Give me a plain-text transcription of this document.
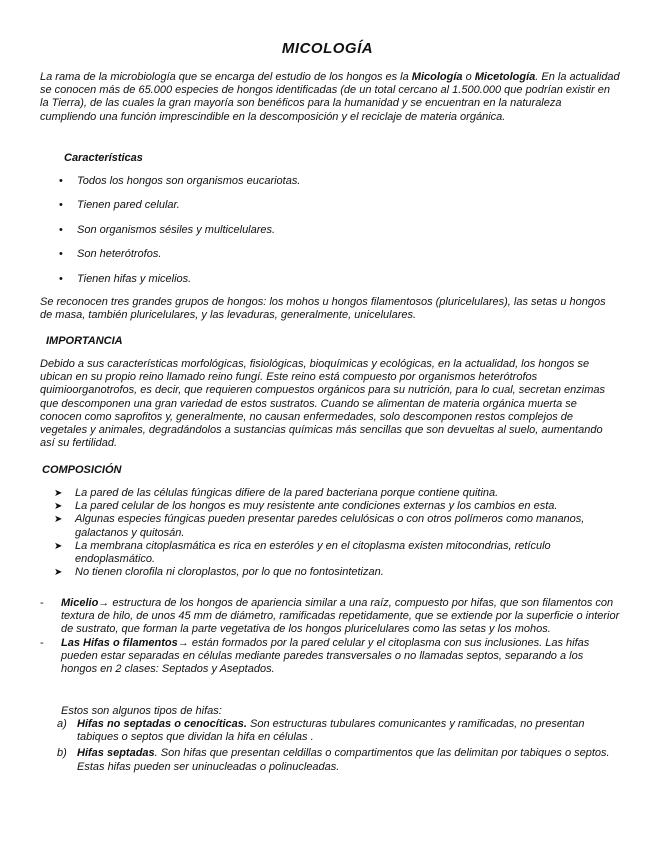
MICOLOGÍA

La rama de la microbiología que se encarga del estudio de los hongos es la Micología o Micetología. En la actualidad se conocen más de 65.000 especies de hongos identificadas (de un total cercano al 1.500.000 que podrían existir en la Tierra), de las cuales la gran mayoría son benéficos para la humanidad y se encuentran en la naturaleza cumpliendo una función imprescindible en la descomposición y el reciclaje de materia orgánica.

Características
• Todos los hongos son organismos eucariotas.
• Tienen pared celular.
• Son organismos sésiles y multicelulares.
• Son heterótrofos.
• Tienen hifas y micelios.

Se reconocen tres grandes grupos de hongos: los mohos u hongos filamentosos (pluricelulares), las setas u hongos de masa, también pluricelulares, y las levaduras, generalmente, unicelulares.

IMPORTANCIA

Debido a sus características morfológicas, fisiológicas, bioquímicas y ecológicas, en la actualidad, los hongos se ubican en su propio reino llamado reino fungí. Este reino está compuesto por organismos heterótrofos quimioorganotrofos, es decir, que requieren compuestos orgánicos para su nutrición, para lo cual, secretan enzimas que descomponen una gran variedad de estos sustratos. Cuando se alimentan de materia orgánica muerta se conocen como saprofitos y, generalmente, no causan enfermedades, solo descomponen restos complejos de vegetales y animales, degradándolos a sustancias químicas más sencillas que son devueltas al suelo, aumentando así su fertilidad.

COMPOSICIÓN
➤ La pared de las células fúngicas difiere de la pared bacteriana porque contiene quitina.
➤ La pared celular de los hongos es muy resistente ante condiciones externas y los cambios en esta.
➤ Algunas especies fúngicas pueden presentar paredes celulósicas o con otros polímeros como mananos, galactanos y quitosán.
➤ La membrana citoplasmática es rica en esteróles y en el citoplasma existen mitocondrias, retículo endoplasmático.
➤ No tienen clorofila ni cloroplastos, por lo que no fontosintetizan.
- Micelio→ estructura de los hongos de apariencia similar a una raíz, compuesto por hifas, que son filamentos con textura de hilo, de unos 45 mm de diámetro, ramificadas repetidamente, que se extiende por la superficie o interior de sustrato, que forman la parte vegetativa de los hongos pluricelulares como las setas y los mohos.
- Las Hifas o filamentos→ están formados por la pared celular y el citoplasma con sus inclusiones. Las hifas pueden estar separadas en células mediante paredes transversales o no llamadas septos, separando a los hongos en 2 clases: Septados y Aseptados.

Estos son algunos tipos de hifas:

a) Hifas no septadas o cenocíticas. Son estructuras tubulares comunicantes y ramificadas, no presentan tabiques o septos que dividan la hifa en células .
b) Hifas septadas. Son hifas que presentan celdillas o compartimentos que las delimitan por tabiques o septos. Estas hifas pueden ser uninucleadas o polinucleadas.
